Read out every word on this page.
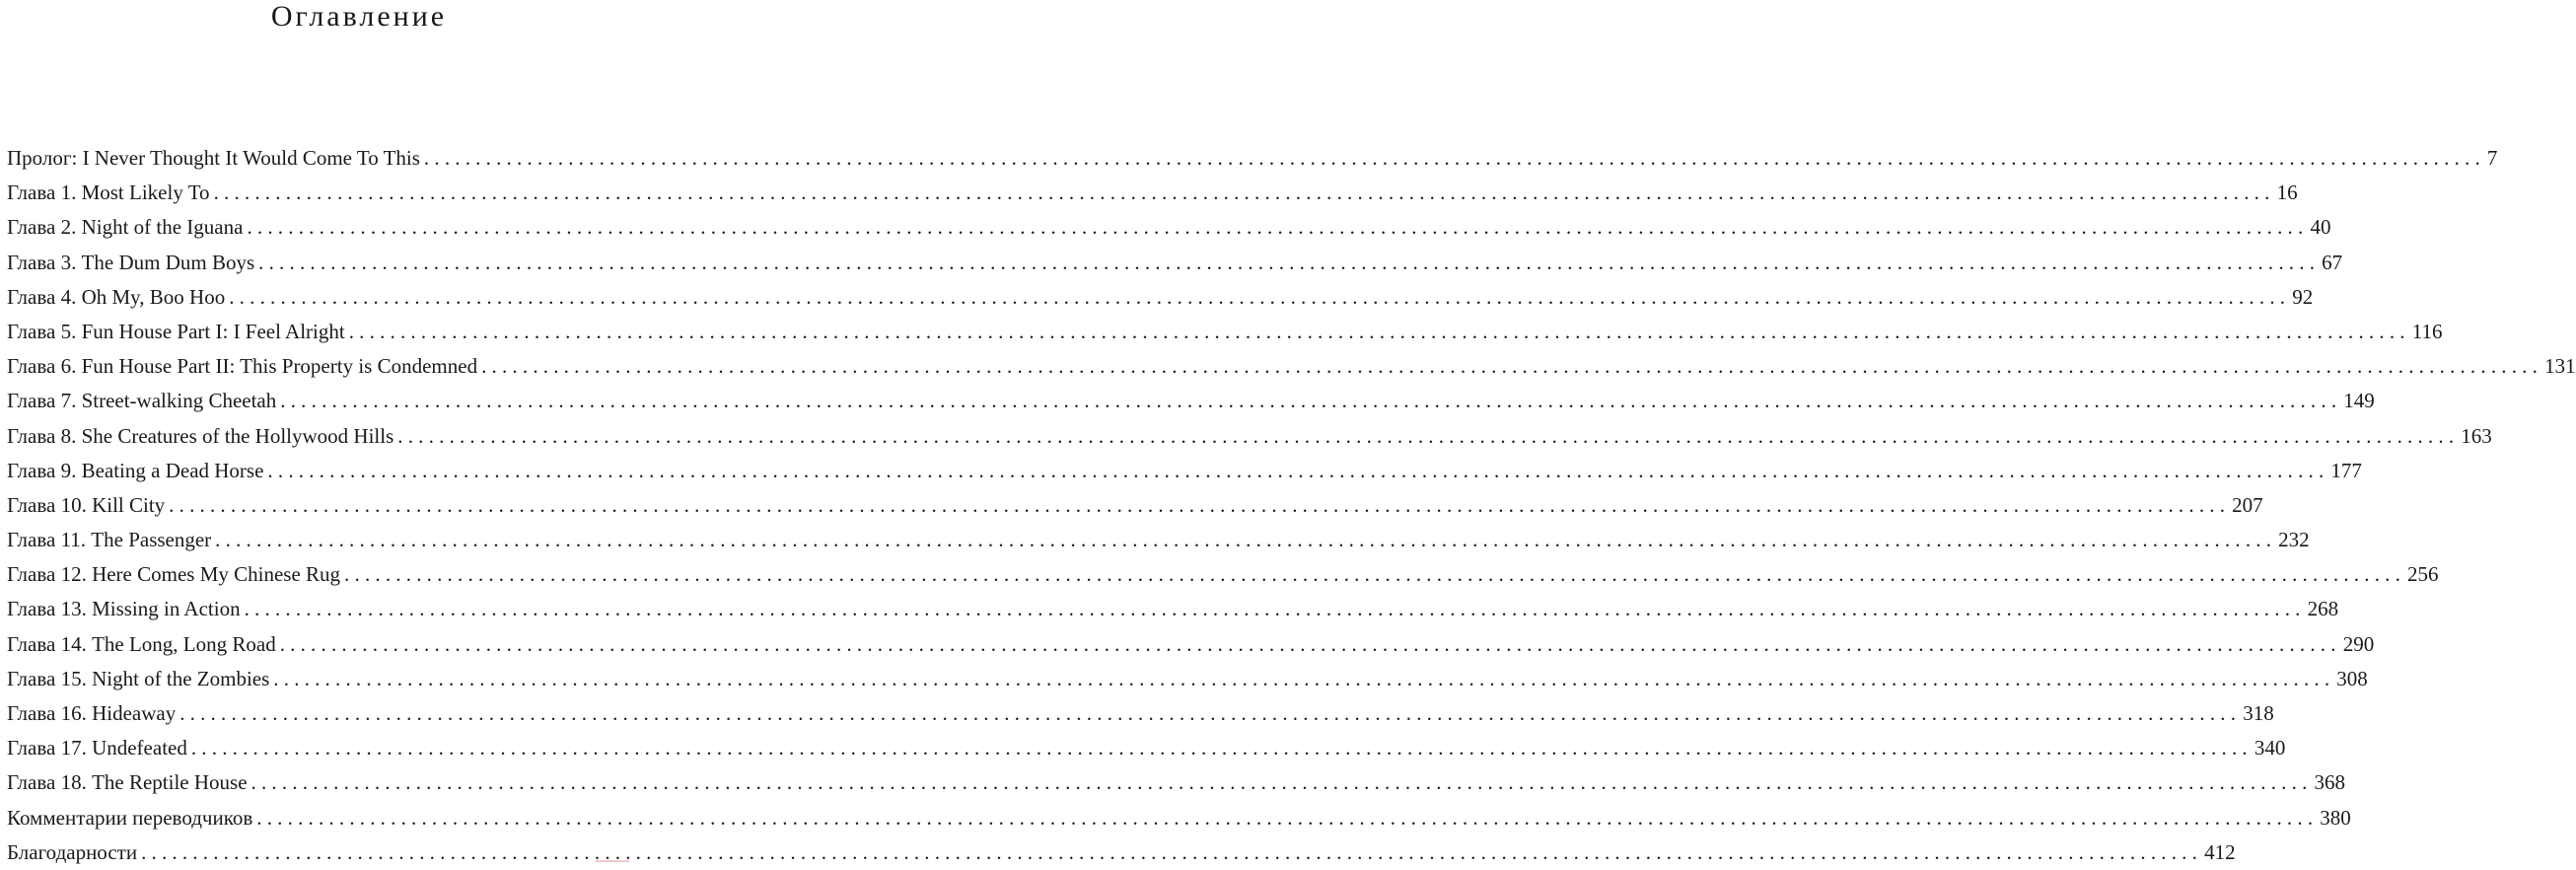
Оглавление
Пролог: I Never Thought It Would Come To This ........................................................................................................................................................................................................ 7
Глава 1. Most Likely To ........................................................................................................................................................................................................ 16
Глава 2. Night of the Iguana ........................................................................................................................................................................................................ 40
Глава 3. The Dum Dum Boys ........................................................................................................................................................................................................ 67
Глава 4. Oh My, Boo Hoo ........................................................................................................................................................................................................ 92
Глава 5. Fun House Part I: I Feel Alright ........................................................................................................................................................................................................ 116
Глава 6. Fun House Part II: This Property is Condemned ........................................................................................................................................................................................................ 131
Глава 7. Street-walking Cheetah ........................................................................................................................................................................................................ 149
Глава 8. She Creatures of the Hollywood Hills ........................................................................................................................................................................................................ 163
Глава 9. Beating a Dead Horse ........................................................................................................................................................................................................ 177
Глава 10. Kill City ........................................................................................................................................................................................................ 207
Глава 11. The Passenger ........................................................................................................................................................................................................ 232
Глава 12. Here Comes My Chinese Rug ........................................................................................................................................................................................................ 256
Глава 13. Missing in Action ........................................................................................................................................................................................................ 268
Глава 14. The Long, Long Road ........................................................................................................................................................................................................ 290
Глава 15. Night of the Zombies ........................................................................................................................................................................................................ 308
Глава 16. Hideaway ........................................................................................................................................................................................................ 318
Глава 17. Undefeated ........................................................................................................................................................................................................ 340
Глава 18. The Reptile House ........................................................................................................................................................................................................ 368
Комментарии переводчиков ........................................................................................................................................................................................................ 380
Благодарности ........................................................................................................................................................................................................ 412
